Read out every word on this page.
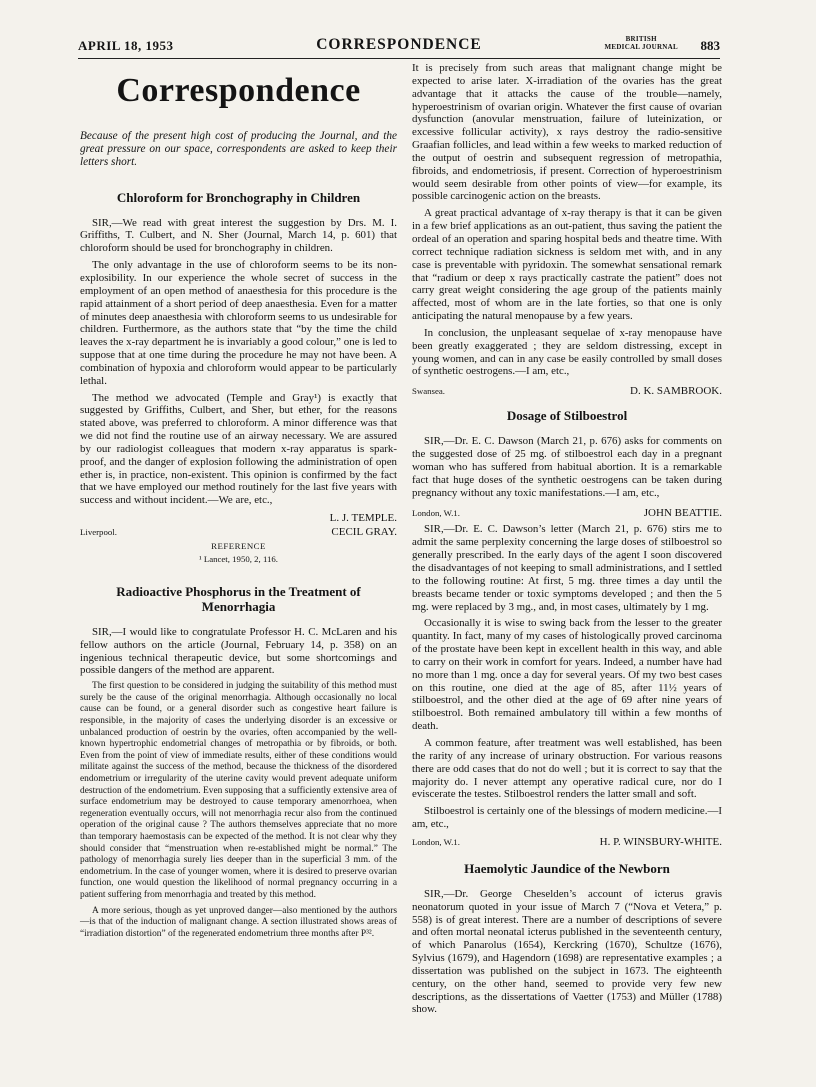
APRIL 18, 1953	CORRESPONDENCE	BRITISH
MEDICAL JOURNAL 883
Correspondence
Because of the present high cost of producing the Journal, and the great pressure on our space, correspondents are asked to keep their letters short.
Chloroform for Bronchography in Children

SIR,—We read with great interest the suggestion by Drs. M. I. Griffiths, T. Culbert, and N. Sher (Journal, March 14, p. 601) that chloroform should be used for bronchography in children.

The only advantage in the use of chloroform seems to be its non-explosibility. In our experience the whole secret of success in the employment of an open method of anaesthesia for this procedure is the rapid attainment of a short period of deep anaesthesia. Even for a matter of minutes deep anaesthesia with chloroform seems to us undesirable for children. Furthermore, as the authors state that “by the time the child leaves the x-ray department he is invariably a good colour,” one is led to suppose that at one time during the procedure he may not have been. A combination of hypoxia and chloroform would appear to be particularly lethal.

The method we advocated (Temple and Gray¹) is exactly that suggested by Griffiths, Culbert, and Sher, but ether, for the reasons stated above, was preferred to chloroform. A minor difference was that we did not find the routine use of an airway necessary. We are assured by our radiologist colleagues that modern x-ray apparatus is spark-proof, and the danger of explosion following the administration of open ether is, in practice, non-existent. This opinion is confirmed by the fact that we have employed our method routinely for the last five years with success and without incident.—We are, etc.,

L. J. TEMPLE.
Liverpool.	CECIL GRAY.
REFERENCE
¹ Lancet, 1950, 2, 116.
Radioactive Phosphorus in the Treatment of Menorrhagia

SIR,—I would like to congratulate Professor H. C. McLaren and his fellow authors on the article (Journal, February 14, p. 358) on an ingenious technical therapeutic device, but some shortcomings and possible dangers of the method are apparent.

The first question to be considered in judging the suitability of this method must surely be the cause of the original menorrhagia. Although occasionally no local cause can be found, or a general disorder such as congestive heart failure is responsible, in the majority of cases the underlying disorder is an excessive or unbalanced production of oestrin by the ovaries, often accompanied by the well-known hypertrophic endometrial changes of metropathia or by fibroids, or both. Even from the point of view of immediate results, either of these conditions would militate against the success of the method, because the thickness of the disordered endometrium or irregularity of the uterine cavity would prevent adequate uniform destruction of the endometrium. Even supposing that a sufficiently extensive area of surface endometrium may be destroyed to cause temporary amenorrhoea, when regeneration eventually occurs, will not menorrhagia recur also from the continued operation of the original cause ? The authors themselves appreciate that no more than temporary haemostasis can be expected of the method. It is not clear why they should consider that “menstruation when re-established might be normal.” The pathology of menorrhagia surely lies deeper than in the superficial 3 mm. of the endometrium. In the case of younger women, where it is desired to preserve ovarian function, one would question the likelihood of normal pregnancy occurring in a patient suffering from menorrhagia and treated by this method.

A more serious, though as yet unproved danger—also mentioned by the authors—is that of the induction of malignant change. A section illustrated shows areas of “irradiation distortion” of the regenerated endometrium three months after P³².

It is precisely from such areas that malignant change might be expected to arise later. X-irradiation of the ovaries has the great advantage that it attacks the cause of the trouble—namely, hyperoestrinism of ovarian origin. Whatever the first cause of ovarian dysfunction (anovular menstruation, failure of luteinization, or excessive follicular activity), x rays destroy the radio-sensitive Graafian follicles, and lead within a few weeks to marked reduction of the output of oestrin and subsequent regression of metropathia, fibroids, and endometriosis, if present. Correction of hyperoestrinism would seem desirable from other points of view—for example, its possible carcinogenic action on the breasts.

A great practical advantage of x-ray therapy is that it can be given in a few brief applications as an out-patient, thus saving the patient the ordeal of an operation and sparing hospital beds and theatre time. With correct technique radiation sickness is seldom met with, and in any case is preventable with pyridoxin. The somewhat sensational remark that “radium or deep x rays practically castrate the patient” does not carry great weight considering the age group of the patients mainly affected, most of whom are in the late forties, so that one is only anticipating the natural menopause by a few years.

In conclusion, the unpleasant sequelae of x-ray menopause have been greatly exaggerated ; they are seldom distressing, except in young women, and can in any case be easily controlled by small doses of synthetic oestrogens.—I am, etc.,

Swansea.	D. K. SAMBROOK.
Dosage of Stilboestrol

SIR,—Dr. E. C. Dawson (March 21, p. 676) asks for comments on the suggested dose of 25 mg. of stilboestrol each day in a pregnant woman who has suffered from habitual abortion. It is a remarkable fact that huge doses of the synthetic oestrogens can be taken during pregnancy without any toxic manifestations.—I am, etc.,

London, W.1.	JOHN BEATTIE.

SIR,—Dr. E. C. Dawson’s letter (March 21, p. 676) stirs me to admit the same perplexity concerning the large doses of stilboestrol so generally prescribed. In the early days of the agent I soon discovered the disadvantages of not keeping to small administrations, and I settled to the following routine: At first, 5 mg. three times a day until the breasts became tender or toxic symptoms developed ; and then the 5 mg. were replaced by 3 mg., and, in most cases, ultimately by 1 mg.

Occasionally it is wise to swing back from the lesser to the greater quantity. In fact, many of my cases of histologically proved carcinoma of the prostate have been kept in excellent health in this way, and able to carry on their work in comfort for years. Indeed, a number have had no more than 1 mg. once a day for several years. Of my two best cases on this routine, one died at the age of 85, after 11½ years of stilboestrol, and the other died at the age of 69 after nine years of stilboestrol. Both remained ambulatory till within a few months of death.

A common feature, after treatment was well established, has been the rarity of any increase of urinary obstruction. For various reasons there are odd cases that do not do well ; but it is correct to say that the majority do. I never attempt any operative radical cure, nor do I eviscerate the testes. Stilboestrol renders the latter small and soft.

Stilboestrol is certainly one of the blessings of modern medicine.—I am, etc.,

London, W.1.	H. P. WINSBURY-WHITE.
Haemolytic Jaundice of the Newborn

SIR,—Dr. George Cheselden’s account of icterus gravis neonatorum quoted in your issue of March 7 (“Nova et Vetera,” p. 558) is of great interest. There are a number of descriptions of severe and often mortal neonatal icterus published in the seventeenth century, of which Panarolus (1654), Kerckring (1670), Schultze (1676), Sylvius (1679), and Hagendorn (1698) are representative examples ; a dissertation was published on the subject in 1673. The eighteenth century, on the other hand, seemed to provide very few new descriptions, as the dissertations of Vaetter (1753) and Müller (1788) show.
